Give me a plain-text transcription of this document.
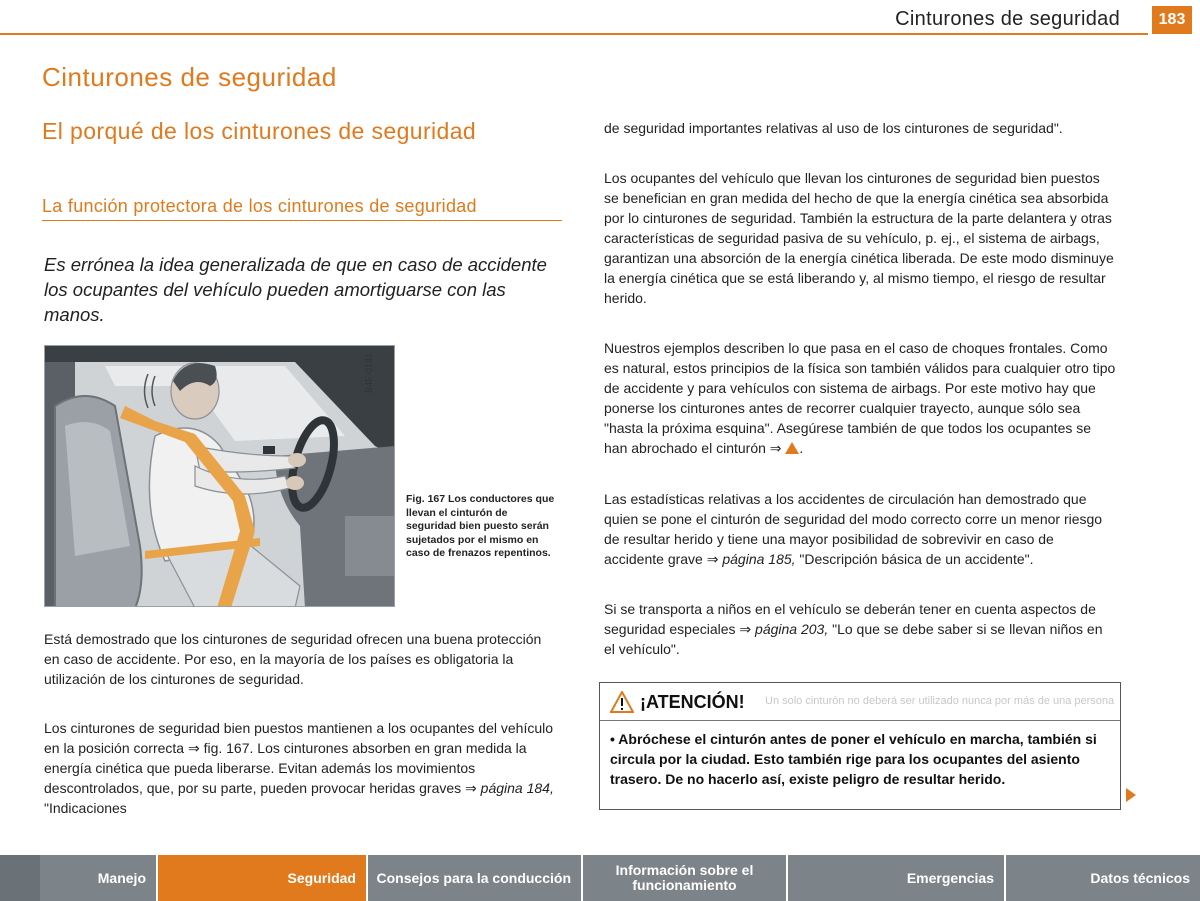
Cinturones de seguridad	183
Cinturones de seguridad
El porqué de los cinturones de seguridad
La función protectora de los cinturones de seguridad
Es errónea la idea generalizada de que en caso de accidente los ocupantes del vehículo pueden amortiguarse con las manos.
B4E-0181
Fig. 167 Los conductores que llevan el cinturón de seguridad bien puesto serán sujetados por el mismo en caso de frenazos repentinos.
Está demostrado que los cinturones de seguridad ofrecen una buena protección en caso de accidente. Por eso, en la mayoría de los países es obligatoria la utilización de los cinturones de seguridad.
Los cinturones de seguridad bien puestos mantienen a los ocupantes del vehículo en la posición correcta ⇒ fig. 167. Los cinturones absorben en gran medida la energía cinética que pueda liberarse. Evitan además los movimientos descontrolados, que, por su parte, pueden provocar heridas graves ⇒ página 184, "Indicaciones
de seguridad importantes relativas al uso de los cinturones de seguridad".
Los ocupantes del vehículo que llevan los cinturones de seguridad bien puestos se benefician en gran medida del hecho de que la energía cinética sea absorbida por lo cinturones de seguridad. También la estructura de la parte delantera y otras características de seguridad pasiva de su vehículo, p. ej., el sistema de airbags, garantizan una absorción de la energía cinética liberada. De este modo disminuye la energía cinética que se está liberando y, al mismo tiempo, el riesgo de resultar herido.
Nuestros ejemplos describen lo que pasa en el caso de choques frontales. Como es natural, estos principios de la física son también válidos para cualquier otro tipo de accidente y para vehículos con sistema de airbags. Por este motivo hay que ponerse los cinturones antes de recorrer cualquier trayecto, aunque sólo sea "hasta la próxima esquina". Asegúrese también de que todos los ocupantes se han abrochado el cinturón ⇒ .
Las estadísticas relativas a los accidentes de circulación han demostrado que quien se pone el cinturón de seguridad del modo correcto corre un menor riesgo de resultar herido y tiene una mayor posibilidad de sobrevivir en caso de accidente grave ⇒ página 185, "Descripción básica de un accidente".
Si se transporta a niños en el vehículo se deberán tener en cuenta aspectos de seguridad especiales ⇒ página 203, "Lo que se debe saber si se llevan niños en el vehículo".
¡ATENCIÓN! Un solo cinturón no deberá ser utilizado nunca por más de una persona
• Abróchese el cinturón antes de poner el vehículo en marcha, también si circula por la ciudad. Esto también rige para los ocupantes del asiento trasero. De no hacerlo así, existe peligro de resultar herido.
Manejo	Seguridad	Consejos para la conducción	Información sobre el funcionamiento	Emergencias	Datos técnicos
